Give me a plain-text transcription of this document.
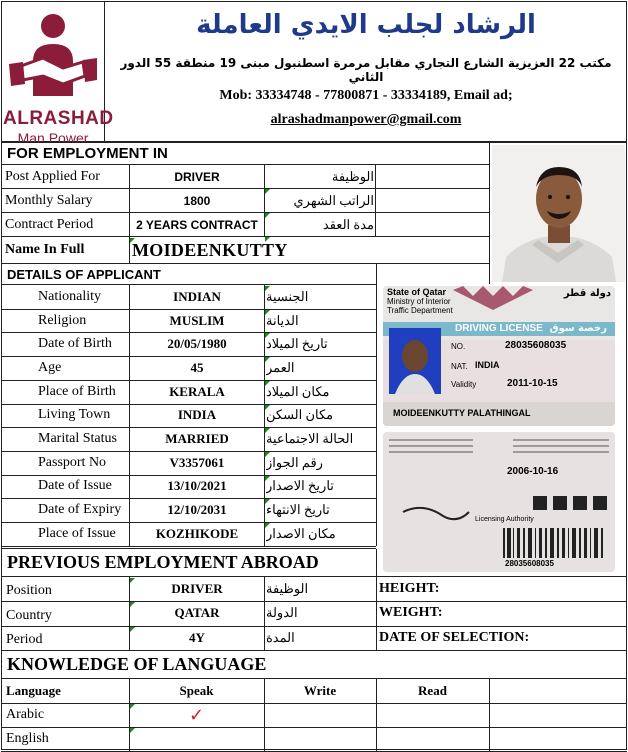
ALRASHAD
Man Power
الرشاد لجلب الايدي العاملة
مكتب 22 العزيزية الشارع التجاري مقابل مرمرة اسطنبول مبنى 19 منطقة 55 الدور الثاني
Mob: 33334748 - 77800871 - 33334189, Email ad;
alrashadmanpower@gmail.com
FOR EMPLOYMENT IN
Post Applied For	DRIVER	الوظيفة
Monthly Salary	1800	الراتب الشهري
Contract Period	2 YEARS CONTRACT	مدة العقد
Name In Full	MOIDEENKUTTY
DETAILS OF APPLICANT
Nationality	INDIAN	الجنسية
Religion	MUSLIM	الديانة
Date of Birth	20/05/1980	تاريخ الميلاد
Age	45	العمر
Place of Birth	KERALA	مكان الميلاد
Living Town	INDIA	مكان السكن
Marital Status	MARRIED	الحالة الاجتماعية
Passport No	V3357061	رقم الجواز
Date of Issue	13/10/2021	تاريخ الاصدار
Date of Expiry	12/10/2031	تاريخ الانتهاء
Place of Issue	KOZHIKODE	مكان الاصدار
State of Qatar
Ministry of Interior
Traffic Department
دولة قطر
DRIVING LICENSE رخصة سوق
NO.	28035608035
NAT. INDIA
Validity	2011-10-15
MOIDEENKUTTY PALATHINGAL
2006-10-16
Licensing Authority
28035608035
PREVIOUS EMPLOYMENT ABROAD
Position	DRIVER	الوظيفة	HEIGHT:
Country	QATAR	الدولة	WEIGHT:
Period	4Y	المدة	DATE OF SELECTION:
KNOWLEDGE OF LANGUAGE
Language	Speak	Write	Read
Arabic	✓
English
